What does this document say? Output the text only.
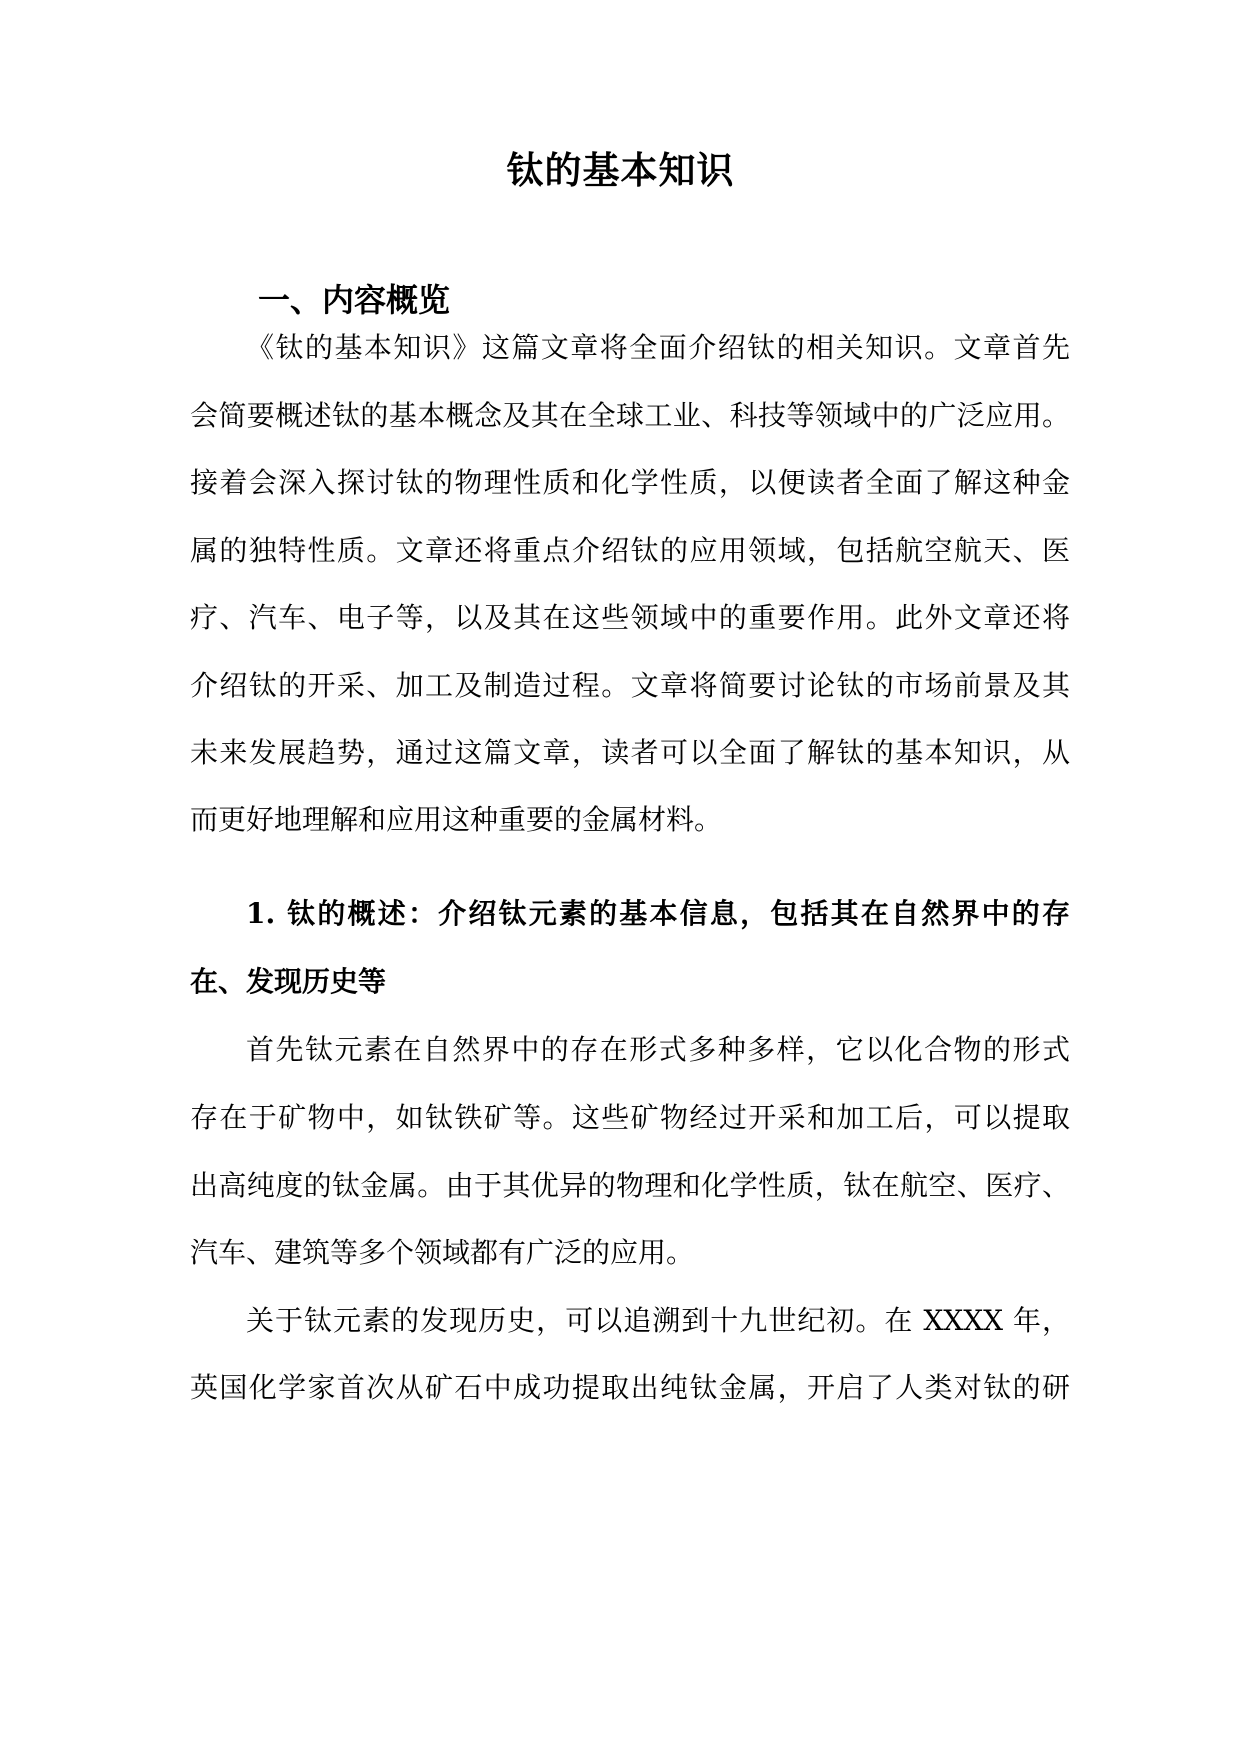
钛的基本知识
一、内容概览
《钛的基本知识》这篇文章将全面介绍钛的相关知识。文章首先
会简要概述钛的基本概念及其在全球工业、科技等领域中的广泛应用。
接着会深入探讨钛的物理性质和化学性质，以便读者全面了解这种金
属的独特性质。文章还将重点介绍钛的应用领域，包括航空航天、医
疗、汽车、电子等，以及其在这些领域中的重要作用。此外文章还将
介绍钛的开采、加工及制造过程。文章将简要讨论钛的市场前景及其
未来发展趋势，通过这篇文章，读者可以全面了解钛的基本知识，从
而更好地理解和应用这种重要的金属材料。
1. 钛的概述：介绍钛元素的基本信息，包括其在自然界中的存
在、发现历史等
首先钛元素在自然界中的存在形式多种多样，它以化合物的形式
存在于矿物中，如钛铁矿等。这些矿物经过开采和加工后，可以提取
出高纯度的钛金属。由于其优异的物理和化学性质，钛在航空、医疗、
汽车、建筑等多个领域都有广泛的应用。
关于钛元素的发现历史，可以追溯到十九世纪初。在 XXXX 年，
英国化学家首次从矿石中成功提取出纯钛金属，开启了人类对钛的研
